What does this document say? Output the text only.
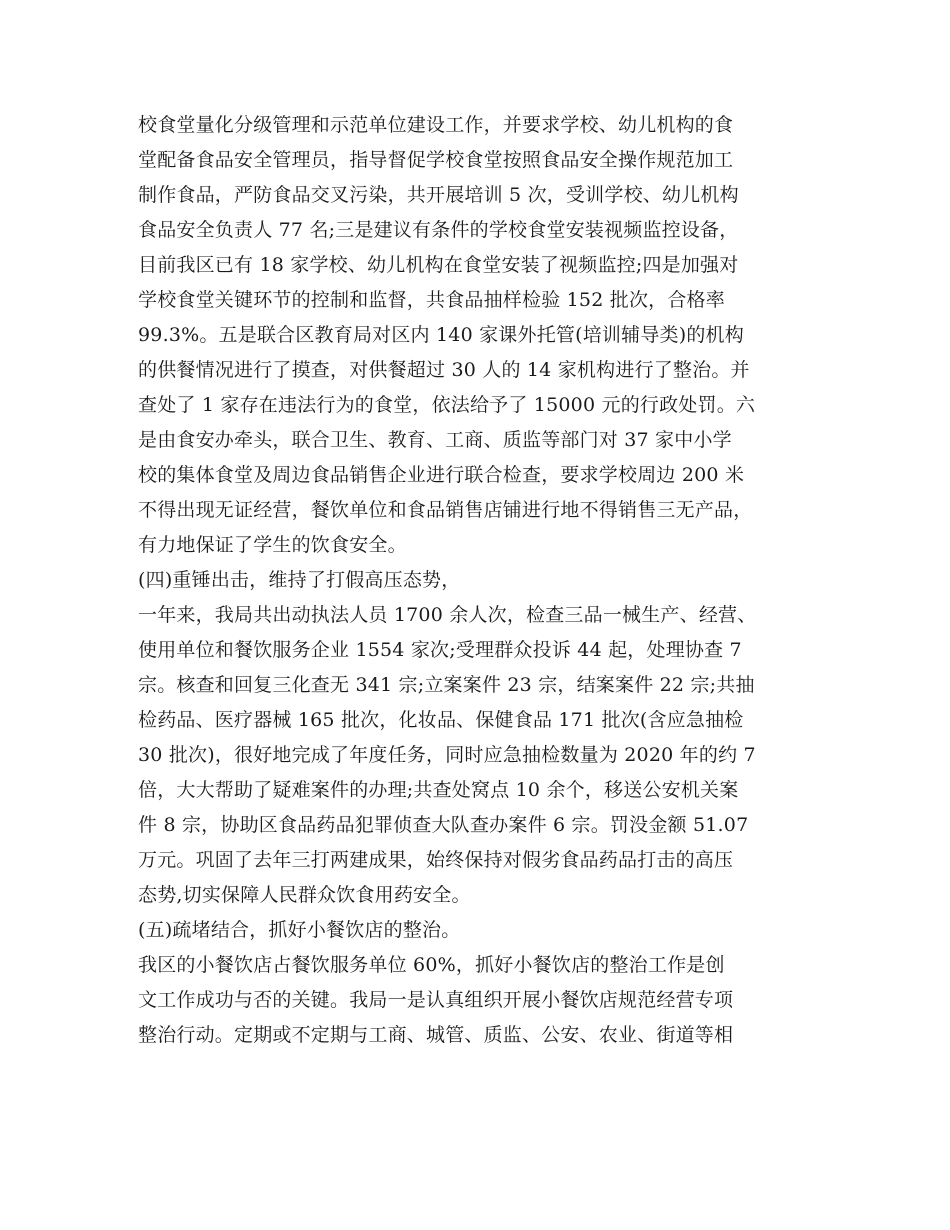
校食堂量化分级管理和示范单位建设工作，并要求学校、幼儿机构的食
堂配备食品安全管理员，指导督促学校食堂按照食品安全操作规范加工
制作食品，严防食品交叉污染，共开展培训 5 次，受训学校、幼儿机构
食品安全负责人 77 名;三是建议有条件的学校食堂安装视频监控设备，
目前我区已有 18 家学校、幼儿机构在食堂安装了视频监控;四是加强对
学校食堂关键环节的控制和监督，共食品抽样检验 152 批次，合格率
99.3%。五是联合区教育局对区内 140 家课外托管(培训辅导类)的机构
的供餐情况进行了摸查，对供餐超过 30 人的 14 家机构进行了整治。并
查处了 1 家存在违法行为的食堂，依法给予了 15000 元的行政处罚。六
是由食安办牵头，联合卫生、教育、工商、质监等部门对 37 家中小学
校的集体食堂及周边食品销售企业进行联合检查，要求学校周边 200 米
不得出现无证经营，餐饮单位和食品销售店铺进行地不得销售三无产品，
有力地保证了学生的饮食安全。
(四)重锤出击，维持了打假高压态势，
一年来，我局共出动执法人员 1700 余人次，检查三品一械生产、经营、
使用单位和餐饮服务企业 1554 家次;受理群众投诉 44 起，处理协查 7
宗。核查和回复三化查无 341 宗;立案案件 23 宗，结案案件 22 宗;共抽
检药品、医疗器械 165 批次，化妆品、保健食品 171 批次(含应急抽检
30 批次)，很好地完成了年度任务，同时应急抽检数量为 2020 年的约 7
倍，大大帮助了疑难案件的办理;共查处窝点 10 余个，移送公安机关案
件 8 宗，协助区食品药品犯罪侦查大队查办案件 6 宗。罚没金额 51.07
万元。巩固了去年三打两建成果，始终保持对假劣食品药品打击的高压
态势,切实保障人民群众饮食用药安全。
(五)疏堵结合，抓好小餐饮店的整治。
我区的小餐饮店占餐饮服务单位 60%，抓好小餐饮店的整治工作是创
文工作成功与否的关键。我局一是认真组织开展小餐饮店规范经营专项
整治行动。定期或不定期与工商、城管、质监、公安、农业、街道等相
